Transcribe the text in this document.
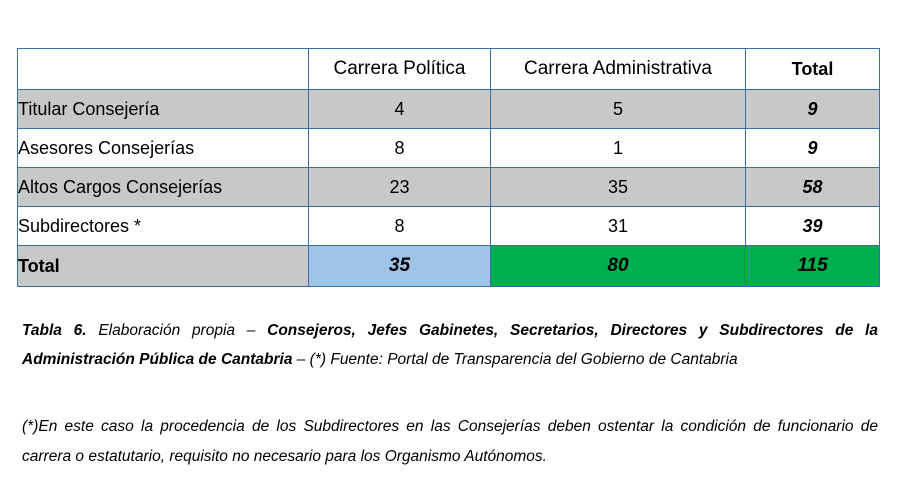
	Carrera Política	Carrera Administrativa	Total
Titular Consejería	4	5	9
Asesores Consejerías	8	1	9
Altos Cargos Consejerías	23	35	58
Subdirectores *	8	31	39
Total	35	80	115
Tabla 6. Elaboración propia – Consejeros, Jefes Gabinetes, Secretarios, Directores y Subdirectores de la Administración Pública de Cantabria – (*) Fuente: Portal de Transparencia del Gobierno de Cantabria
(*)En este caso la procedencia de los Subdirectores en las Consejerías deben ostentar la condición de funcionario de carrera o estatutario, requisito no necesario para los Organismo Autónomos.
